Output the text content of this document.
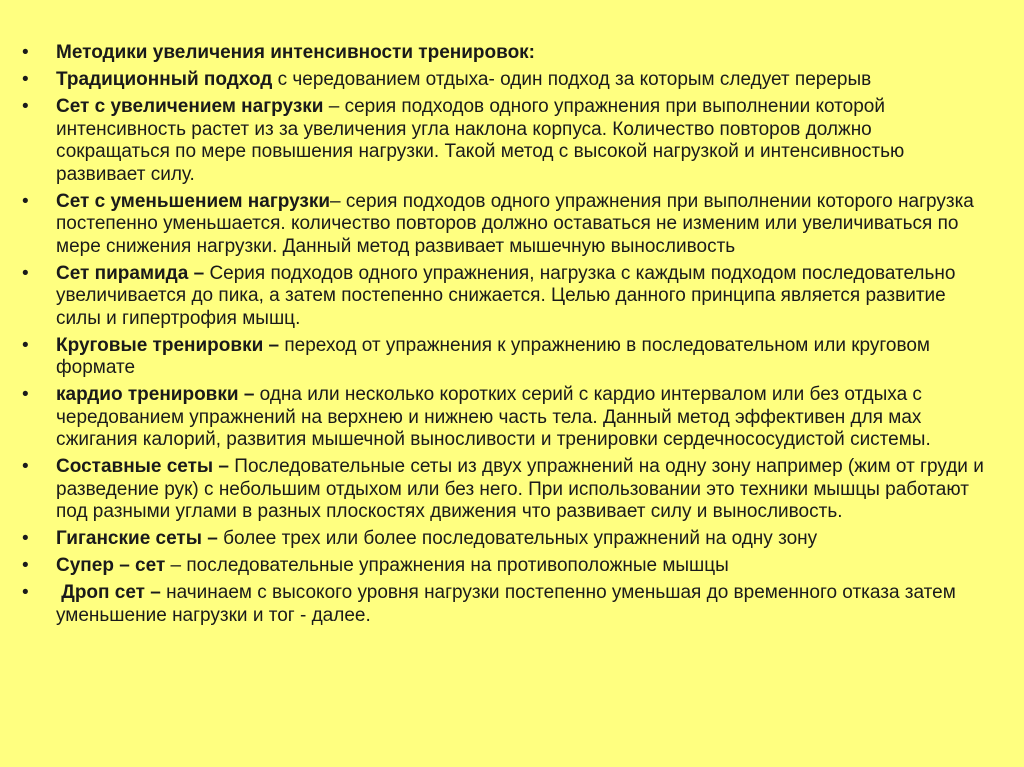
• Методики увеличения интенсивности тренировок:
• Традиционный подход с чередованием отдыха- один подход за которым следует перерыв
• Сет с увеличением нагрузки – серия подходов одного упражнения при выполнении которой интенсивность растет из за увеличения угла наклона корпуса. Количество повторов должно сокращаться по мере повышения нагрузки. Такой метод с высокой нагрузкой и интенсивностью развивает силу.
• Сет с уменьшением нагрузки– серия подходов одного упражнения при выполнении которого нагрузка постепенно уменьшается. количество повторов должно оставаться не изменим или увеличиваться по мере снижения нагрузки. Данный метод развивает мышечную выносливость
• Сет пирамида – Серия подходов одного упражнения, нагрузка с каждым подходом последовательно увеличивается до пика, а затем постепенно снижается. Целью данного принципа является развитие силы и гипертрофия мышц.
• Круговые тренировки – переход от упражнения к упражнению в последовательном или круговом формате
• кардио тренировки – одна или несколько коротких серий с кардио интервалом или без отдыха с чередованием упражнений на верхнею и нижнею часть тела. Данный метод эффективен для мах сжигания калорий, развития мышечной выносливости и тренировки сердечнососудистой системы.
• Составные сеты – Последовательные сеты из двух упражнений на одну зону например (жим от груди и разведение рук) с небольшим отдыхом или без него. При использовании это техники мышцы работают под разными углами в разных плоскостях движения что развивает силу и выносливость.
• Гиганские сеты – более трех или более последовательных упражнений на одну зону
• Супер – сет – последовательные упражнения на противоположные мышцы
• Дроп сет – начинаем с высокого уровня нагрузки постепенно уменьшая до временного отказа затем уменьшение нагрузки и тог - далее.
